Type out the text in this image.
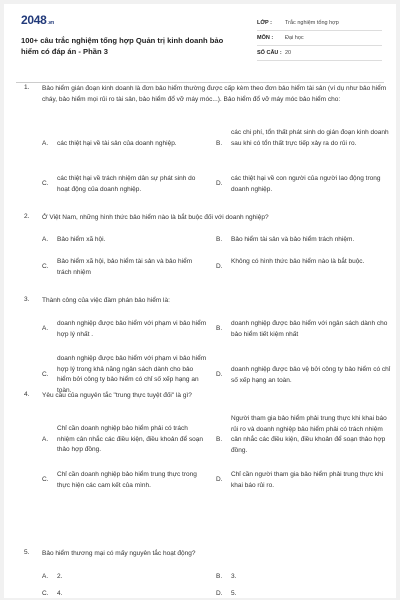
2048.vn
100+ câu trắc nghiệm tổng hợp Quản trị kinh doanh bảo hiểm có đáp án - Phần 3
LỚP : Trắc nghiệm tổng hợp
MÔN : Đại học
SỐ CÂU : 20
1. Bảo hiểm gián đoạn kinh doanh là đơn bảo hiểm thường được cấp kèm theo đơn bảo hiểm tài sản (ví dụ như bảo hiểm cháy, bảo hiểm mọi rủi ro tài sản, bảo hiểm đổ vỡ máy móc...). Bảo hiểm đổ vỡ máy móc bảo hiểm cho:
A. các thiệt hại về tài sản của doanh nghiệp.	B.
các chi phí, tổn thất phát sinh do gián đoạn kinh doanh sau khi có tổn thất trực tiếp xảy ra do rủi ro.
C.
các thiệt hại về trách nhiệm dân sự phát sinh do hoạt động của doanh nghiệp.
D.
các thiệt hại về con người của người lao động trong doanh nghiệp.
2. Ở Việt Nam, những hình thức bảo hiểm nào là bắt buộc đối với doanh nghiệp?
A. Bảo hiểm xã hội.	B. Bảo hiểm tài sản và bảo hiểm trách nhiệm.
C.
Bảo hiểm xã hội, bảo hiểm tài sản và bảo hiểm trách nhiệm
D.
Không có hình thức bảo hiểm nào là bắt buộc.
3. Thành công của việc đàm phán bảo hiểm là:
A.
doanh nghiệp được bảo hiểm với phạm vi bảo hiểm hợp lý nhất .
B.
doanh nghiệp được bảo hiểm với ngân sách dành cho bảo hiểm tiết kiệm nhất
C.
doanh nghiệp được bảo hiểm với phạm vi bảo hiểm hợp lý trong khả năng ngân sách dành cho bảo hiểm bởi công ty bảo hiểm có chỉ số xếp hạng an toàn.
D.
doanh nghiệp được bảo vệ bởi công ty bảo hiểm có chỉ số xếp hạng an toàn.
4. Yêu cầu của nguyên tắc "trung thực tuyệt đối" là gì?
A.
Chỉ cần doanh nghiệp bảo hiểm phải có trách nhiệm cân nhắc các điều kiện, điều khoản để soạn thảo hợp đồng.
B.
Người tham gia bảo hiểm phải trung thực khi khai báo rủi ro và doanh nghiệp bảo hiểm phải có trách nhiệm cân nhắc các điều kiện, điều khoản để soạn thảo hợp đồng.
C.
Chỉ cần doanh nghiệp bảo hiểm trung thực trong thực hiện các cam kết của mình.
D.
Chỉ cần người tham gia bảo hiểm phải trung thực khi khai báo rủi ro.
5. Bảo hiểm thương mại có mấy nguyên tắc hoạt động?
A. 2.	B. 3.
C. 4.	D. 5.
